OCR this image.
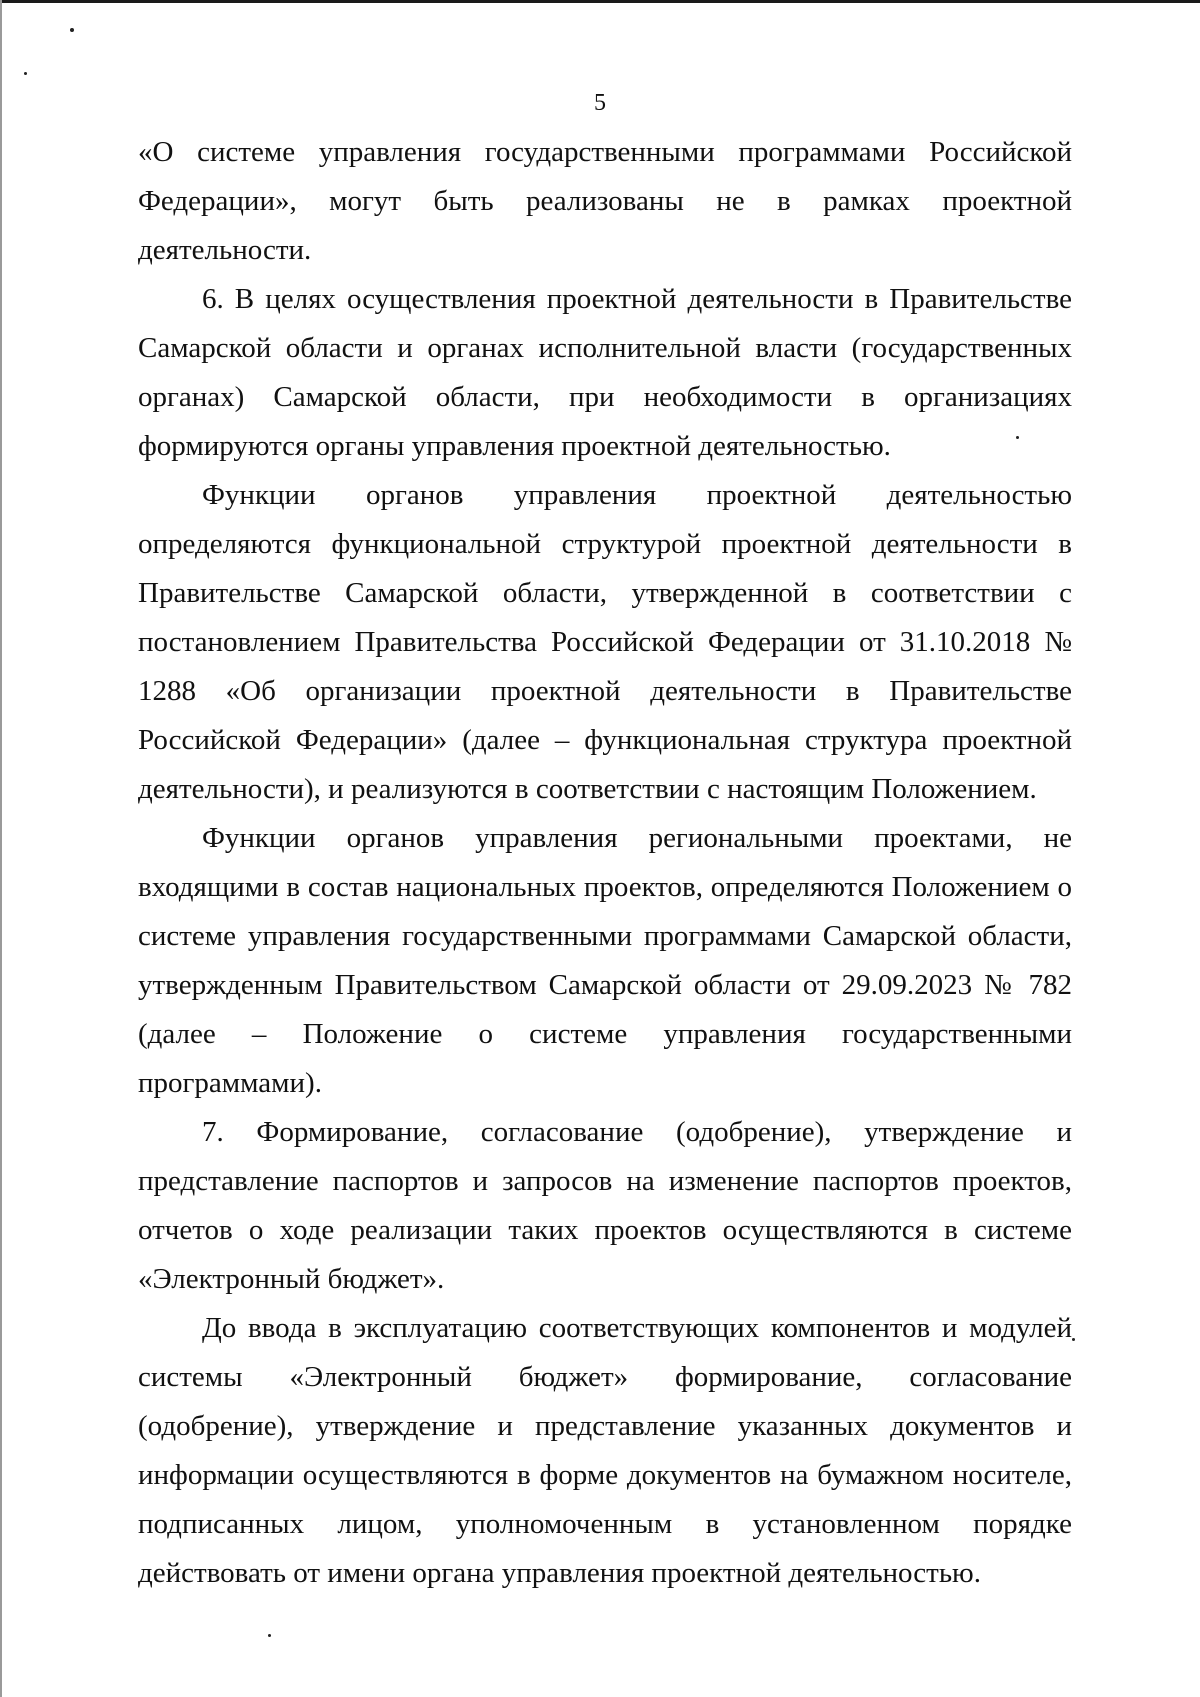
5

«О системе управления государственными программами Российской Федерации», могут быть реализованы не в рамках проектной деятельности.

6. В целях осуществления проектной деятельности в Правительстве Самарской области и органах исполнительной власти (государственных органах) Самарской области, при необходимости в организациях формируются органы управления проектной деятельностью.

Функции органов управления проектной деятельностью определяются функциональной структурой проектной деятельности в Правительстве Самарской области, утвержденной в соответствии с постановлением Правительства Российской Федерации от 31.10.2018 № 1288 «Об организации проектной деятельности в Правительстве Российской Федерации» (далее – функциональная структура проектной деятельности), и реализуются в соответствии с настоящим Положением.

Функции органов управления региональными проектами, не входящими в состав национальных проектов, определяются Положением о системе управления государственными программами Самарской области, утвержденным Правительством Самарской области от 29.09.2023 № 782 (далее – Положение о системе управления государственными программами).

7. Формирование, согласование (одобрение), утверждение и представление паспортов и запросов на изменение паспортов проектов, отчетов о ходе реализации таких проектов осуществляются в системе «Электронный бюджет».

До ввода в эксплуатацию соответствующих компонентов и модулей системы «Электронный бюджет» формирование, согласование (одобрение), утверждение и представление указанных документов и информации осуществляются в форме документов на бумажном носителе, подписанных лицом, уполномоченным в установленном порядке действовать от имени органа управления проектной деятельностью.
